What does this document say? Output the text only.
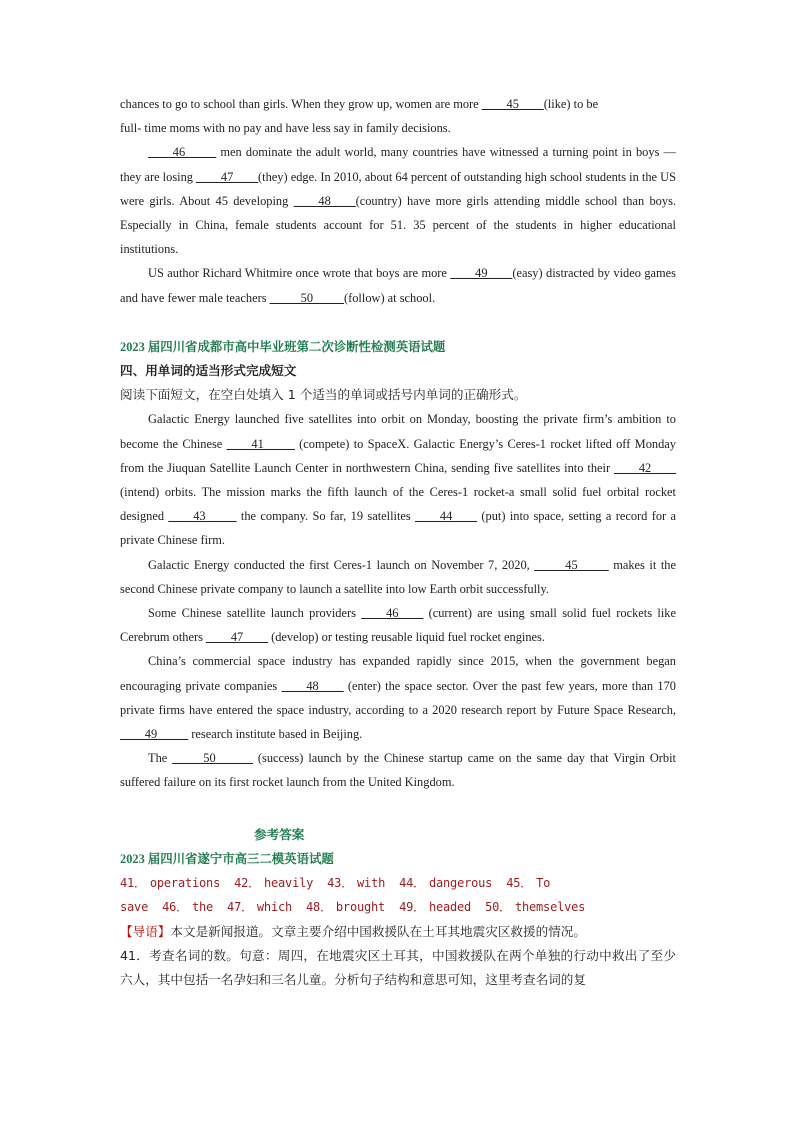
chances to go to school than girls. When they grow up, women are more ____45____(like) to be

full- time moms with no pay and have less say in family decisions.

____46_____ men dominate the adult world, many countries have witnessed a turning point in boys — they are losing ____47____(they) edge. In 2010, about 64 percent of outstanding high school students in the US were girls. About 45 developing ____48____(country) have more girls attending middle school than boys. Especially in China, female students account for 51. 35 percent of the students in higher educational institutions.

US author Richard Whitmire once wrote that boys are more ____49____(easy) distracted by video games and have fewer male teachers _____50_____(follow) at school.

2023 届四川省成都市高中毕业班第二次诊断性检测英语试题

四、用单词的适当形式完成短文

阅读下面短文，在空白处填入 1 个适当的单词或括号内单词的正确形式。

Galactic Energy launched five satellites into orbit on Monday, boosting the private firm’s ambition to become the Chinese ____41_____ (compete) to SpaceX. Galactic Energy’s Ceres-1 rocket lifted off Monday from the Jiuquan Satellite Launch Center in northwestern China, sending five satellites into their ____42____ (intend) orbits. The mission marks the fifth launch of the Ceres-1 rocket-a small solid fuel orbital rocket designed ____43_____ the company. So far, 19 satellites ____44____ (put) into space, setting a record for a private Chinese firm.

Galactic Energy conducted the first Ceres-1 launch on November 7, 2020, _____45_____ makes it the second Chinese private company to launch a satellite into low Earth orbit successfully.

Some Chinese satellite launch providers ____46____ (current) are using small solid fuel rockets like Cerebrum others ____47____ (develop) or testing reusable liquid fuel rocket engines.

China’s commercial space industry has expanded rapidly since 2015, when the government began encouraging private companies ____48____ (enter) the space sector. Over the past few years, more than 170 private firms have entered the space industry, according to a 2020 research report by Future Space Research, ____49_____ research institute based in Beijing.

The _____50______ (success) launch by the Chinese startup came on the same day that Virgin Orbit suffered failure on its first rocket launch from the United Kingdom.

参考答案

2023 届四川省遂宁市高三二模英语试题

41． operations 42． heavily 43． with 44． dangerous 45． To

save 46． the 47． which 48． brought 49． headed 50． themselves

【导语】本文是新闻报道。文章主要介绍中国救援队在土耳其地震灾区救援的情况。

41．考查名词的数。句意：周四，在地震灾区土耳其，中国救援队在两个单独的行动中救出了至少六人，其中包括一名孕妇和三名儿童。分析句子结构和意思可知，这里考查名词的复
